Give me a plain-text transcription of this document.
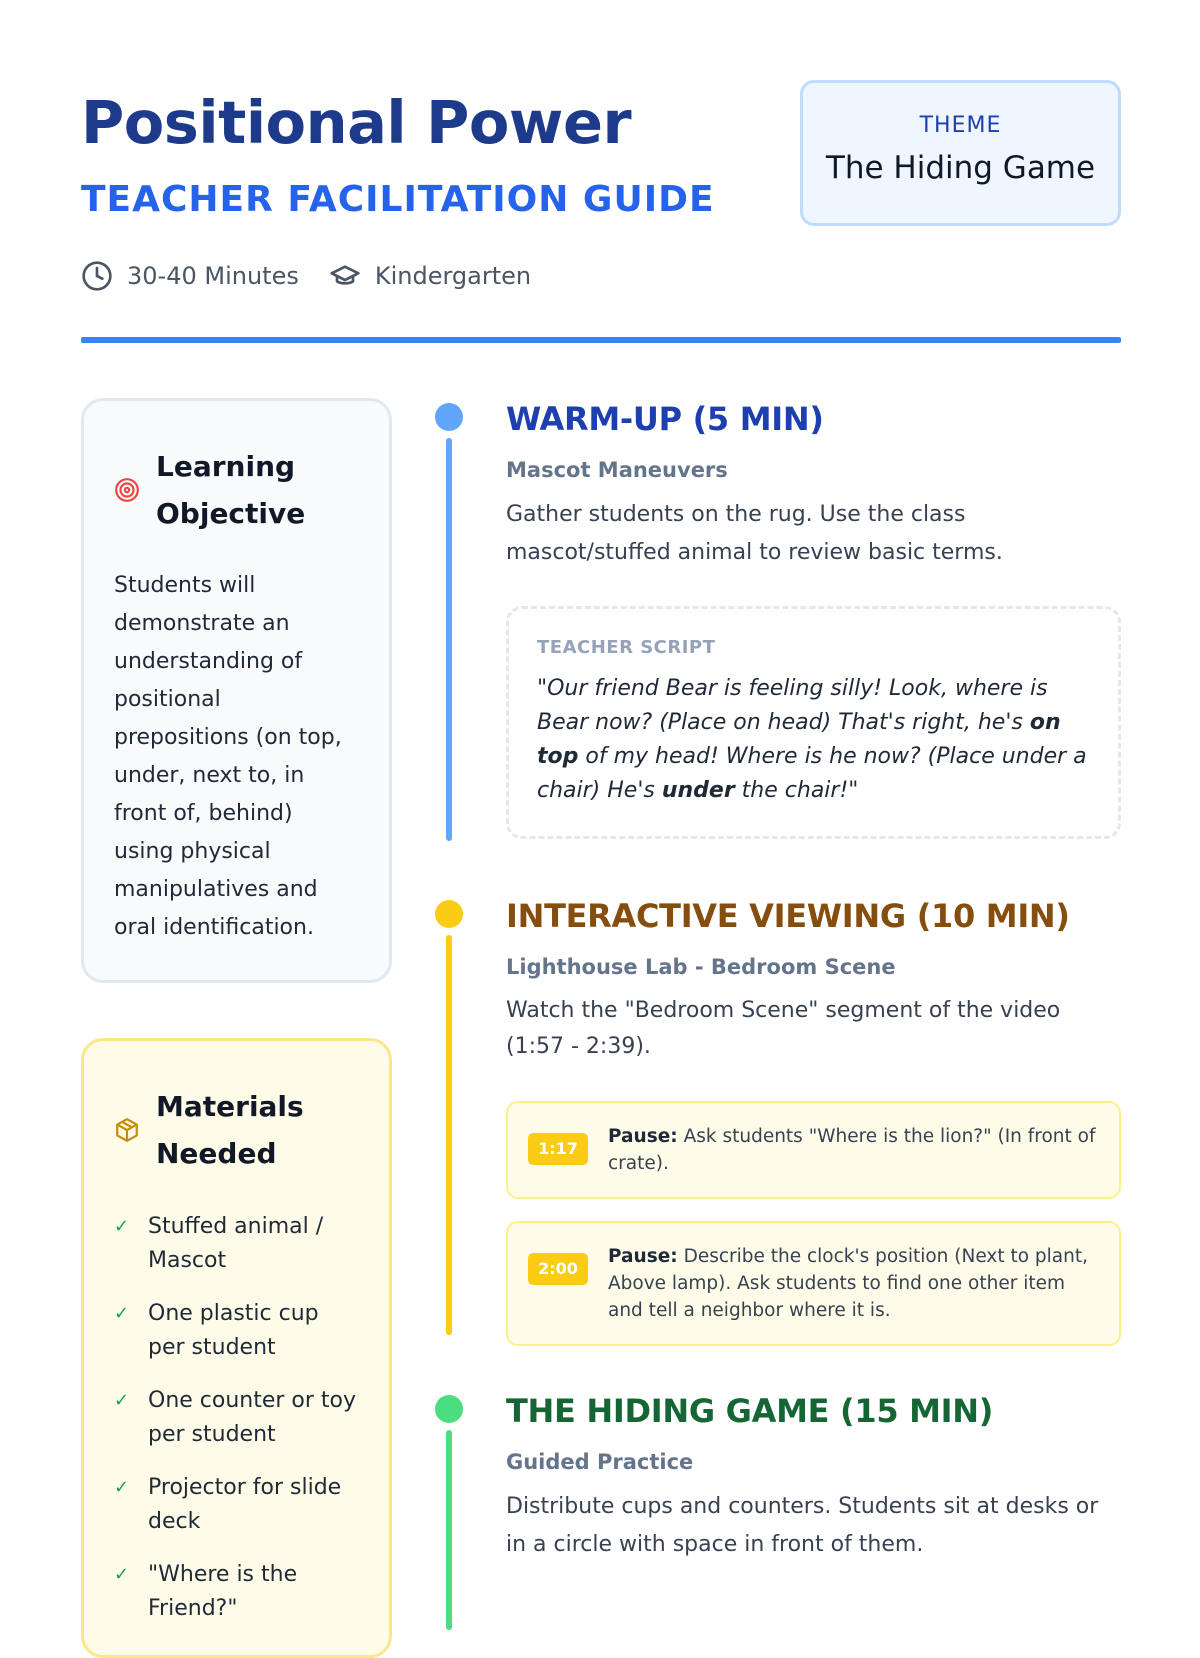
Positional Power
TEACHER FACILITATION GUIDE
30-40 Minutes	Kindergarten
THEME
The Hiding Game
Learning Objective

Students will demonstrate an understanding of positional prepositions (on top, under, next to, in front of, behind) using physical manipulatives and oral identification.

Materials Needed
✓ Stuffed animal / Mascot
✓ One plastic cup per student
✓ One counter or toy per student
✓ Projector for slide deck
✓ "Where is the Friend?"
WARM-UP (5 MIN)
Mascot Maneuvers

Gather students on the rug. Use the class mascot/stuffed animal to review basic terms.

TEACHER SCRIPT

"Our friend Bear is feeling silly! Look, where is Bear now? (Place on head) That's right, he's on top of my head! Where is he now? (Place under a chair) He's under the chair!"

INTERACTIVE VIEWING (10 MIN)
Lighthouse Lab - Bedroom Scene

Watch the "Bedroom Scene" segment of the video (1:57 - 2:39).

1:17
Pause: Ask students "Where is the lion?" (In front of crate).
2:00
Pause: Describe the clock's position (Next to plant, Above lamp). Ask students to find one other item and tell a neighbor where it is.
THE HIDING GAME (15 MIN)
Guided Practice

Distribute cups and counters. Students sit at desks or in a circle with space in front of them.
